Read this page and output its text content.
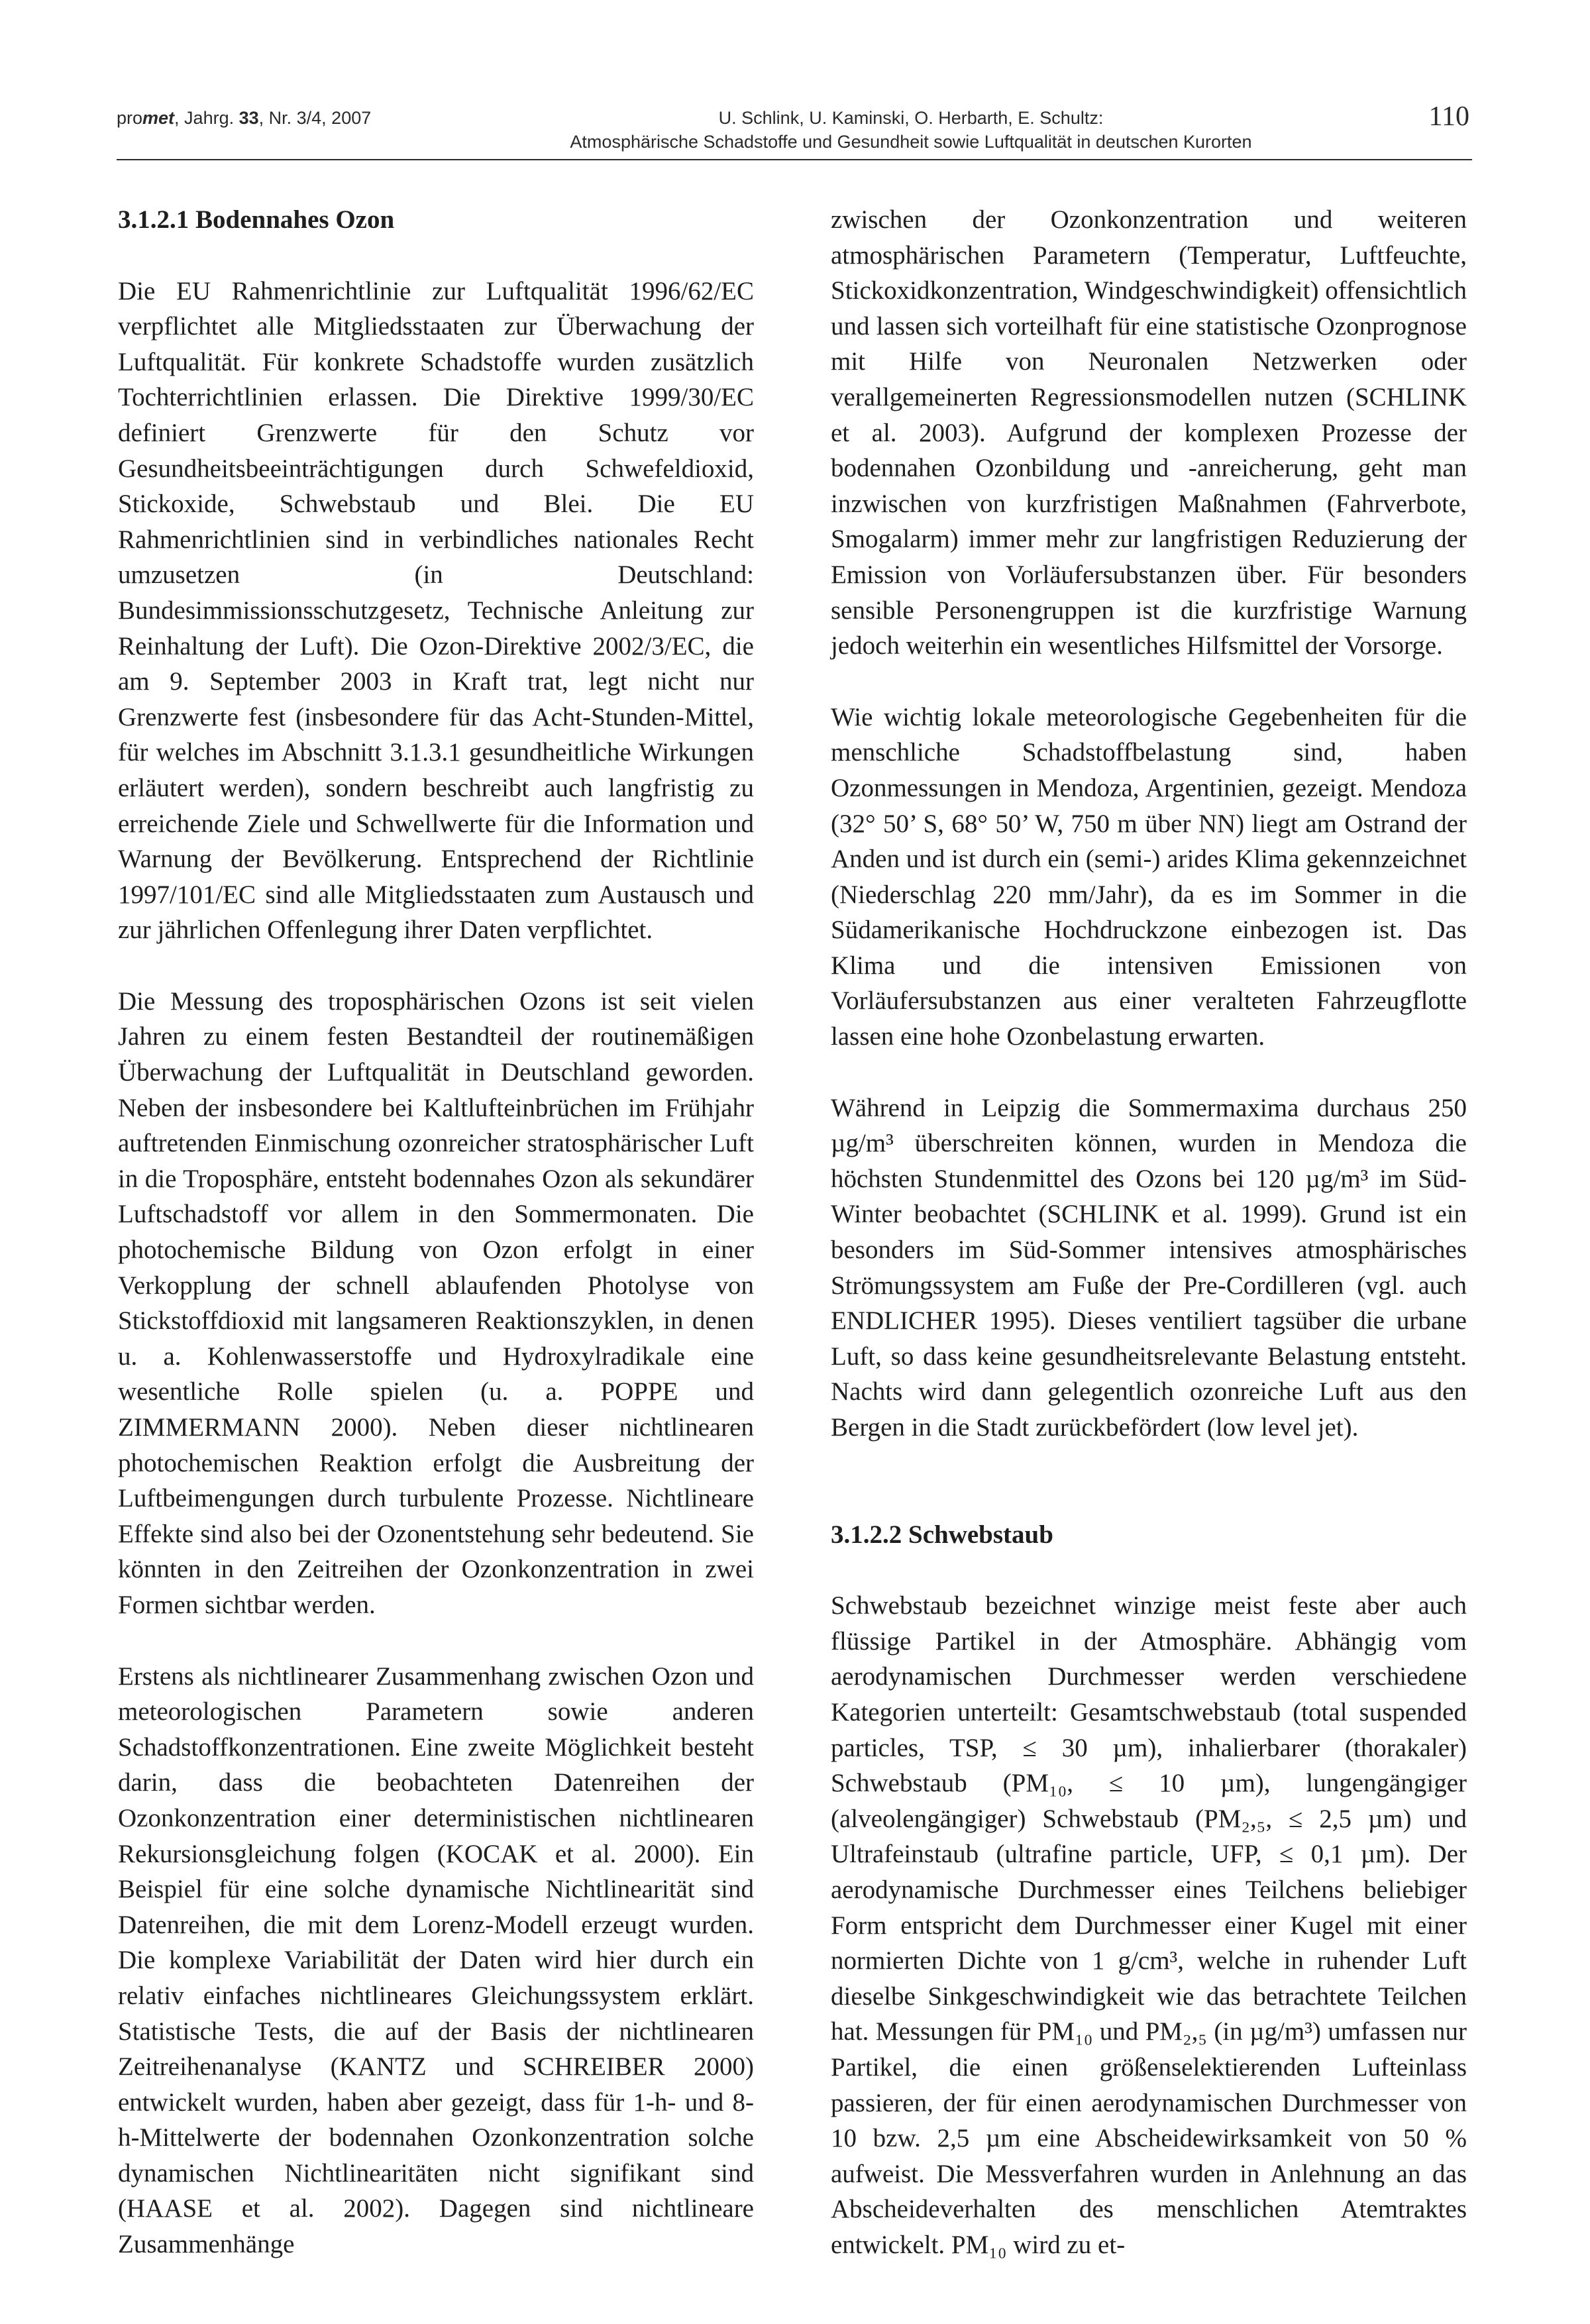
promet, Jahrg. 33, Nr. 3/4, 2007	U. Schlink, U. Kaminski, O. Herbarth, E. Schultz:
Atmosphärische Schadstoffe und Gesundheit sowie Luftqualität in deutschen Kurorten
110
3.1.2.1 Bodennahes Ozon

Die EU Rahmenrichtlinie zur Luftqualität 1996/62/EC verpflichtet alle Mitgliedsstaaten zur Überwachung der Luftqualität. Für konkrete Schadstoffe wurden zusätzlich Tochterrichtlinien erlassen. Die Direktive 1999/30/EC definiert Grenzwerte für den Schutz vor Gesundheitsbeeinträchtigungen durch Schwefeldioxid, Stickoxide, Schwebstaub und Blei. Die EU Rahmenrichtlinien sind in verbindliches nationales Recht umzusetzen (in Deutschland: Bundesimmissionsschutzgesetz, Technische Anleitung zur Reinhaltung der Luft). Die Ozon-Direktive 2002/3/EC, die am 9. September 2003 in Kraft trat, legt nicht nur Grenzwerte fest (insbesondere für das Acht-Stunden-Mittel, für welches im Abschnitt 3.1.3.1 gesundheitliche Wirkungen erläutert werden), sondern beschreibt auch langfristig zu erreichende Ziele und Schwellwerte für die Information und Warnung der Bevölkerung. Entsprechend der Richtlinie 1997/101/EC sind alle Mitgliedsstaaten zum Austausch und zur jährlichen Offenlegung ihrer Daten verpflichtet.

Die Messung des troposphärischen Ozons ist seit vielen Jahren zu einem festen Bestandteil der routinemäßigen Überwachung der Luftqualität in Deutschland geworden. Neben der insbesondere bei Kaltlufteinbrüchen im Frühjahr auftretenden Einmischung ozonreicher stratosphärischer Luft in die Troposphäre, entsteht bodennahes Ozon als sekundärer Luftschadstoff vor allem in den Sommermonaten. Die photochemische Bildung von Ozon erfolgt in einer Verkopplung der schnell ablaufenden Photolyse von Stickstoffdioxid mit langsameren Reaktionszyklen, in denen u. a. Kohlenwasserstoffe und Hydroxylradikale eine wesentliche Rolle spielen (u. a. POPPE und ZIMMERMANN 2000). Neben dieser nichtlinearen photochemischen Reaktion erfolgt die Ausbreitung der Luftbeimengungen durch turbulente Prozesse. Nichtlineare Effekte sind also bei der Ozonentstehung sehr bedeutend. Sie könnten in den Zeitreihen der Ozonkonzentration in zwei Formen sichtbar werden.

Erstens als nichtlinearer Zusammenhang zwischen Ozon und meteorologischen Parametern sowie anderen Schadstoffkonzentrationen. Eine zweite Möglichkeit besteht darin, dass die beobachteten Datenreihen der Ozonkonzentration einer deterministischen nichtlinearen Rekursionsgleichung folgen (KOCAK et al. 2000). Ein Beispiel für eine solche dynamische Nichtlinearität sind Datenreihen, die mit dem Lorenz-Modell erzeugt wurden. Die komplexe Variabilität der Daten wird hier durch ein relativ einfaches nichtlineares Gleichungssystem erklärt. Statistische Tests, die auf der Basis der nichtlinearen Zeitreihenanalyse (KANTZ und SCHREIBER 2000) entwickelt wurden, haben aber gezeigt, dass für 1-h- und 8-h-Mittelwerte der bodennahen Ozonkonzentration solche dynamischen Nichtlinearitäten nicht signifikant sind (HAASE et al. 2002). Dagegen sind nichtlineare Zusammenhänge

zwischen der Ozonkonzentration und weiteren atmosphärischen Parametern (Temperatur, Luftfeuchte, Stickoxidkonzentration, Windgeschwindigkeit) offensichtlich und lassen sich vorteilhaft für eine statistische Ozonprognose mit Hilfe von Neuronalen Netzwerken oder verallgemeinerten Regressionsmodellen nutzen (SCHLINK et al. 2003). Aufgrund der komplexen Prozesse der bodennahen Ozonbildung und -anreicherung, geht man inzwischen von kurzfristigen Maßnahmen (Fahrverbote, Smogalarm) immer mehr zur langfristigen Reduzierung der Emission von Vorläufersubstanzen über. Für besonders sensible Personengruppen ist die kurzfristige Warnung jedoch weiterhin ein wesentliches Hilfsmittel der Vorsorge.

Wie wichtig lokale meteorologische Gegebenheiten für die menschliche Schadstoffbelastung sind, haben Ozonmessungen in Mendoza, Argentinien, gezeigt. Mendoza (32° 50’ S, 68° 50’ W, 750 m über NN) liegt am Ostrand der Anden und ist durch ein (semi-) arides Klima gekennzeichnet (Niederschlag 220 mm/Jahr), da es im Sommer in die Südamerikanische Hochdruckzone einbezogen ist. Das Klima und die intensiven Emissionen von Vorläufersubstanzen aus einer veralteten Fahrzeugflotte lassen eine hohe Ozonbelastung erwarten.

Während in Leipzig die Sommermaxima durchaus 250 µg/m³ überschreiten können, wurden in Mendoza die höchsten Stundenmittel des Ozons bei 120 µg/m³ im Süd-Winter beobachtet (SCHLINK et al. 1999). Grund ist ein besonders im Süd-Sommer intensives atmosphärisches Strömungssystem am Fuße der Pre-Cordilleren (vgl. auch ENDLICHER 1995). Dieses ventiliert tagsüber die urbane Luft, so dass keine gesundheitsrelevante Belastung entsteht. Nachts wird dann gelegentlich ozonreiche Luft aus den Bergen in die Stadt zurückbefördert (low level jet).

3.1.2.2 Schwebstaub

Schwebstaub bezeichnet winzige meist feste aber auch flüssige Partikel in der Atmosphäre. Abhängig vom aerodynamischen Durchmesser werden verschiedene Kategorien unterteilt: Gesamtschwebstaub (total suspended particles, TSP, ≤ 30 µm), inhalierbarer (thorakaler) Schwebstaub (PM₁₀, ≤ 10 µm), lungengängiger (alveolengängiger) Schwebstaub (PM₂,₅, ≤ 2,5 µm) und Ultrafeinstaub (ultrafine particle, UFP, ≤ 0,1 µm). Der aerodynamische Durchmesser eines Teilchens beliebiger Form entspricht dem Durchmesser einer Kugel mit einer normierten Dichte von 1 g/cm³, welche in ruhender Luft dieselbe Sinkgeschwindigkeit wie das betrachtete Teilchen hat. Messungen für PM₁₀ und PM₂,₅ (in µg/m³) umfassen nur Partikel, die einen größenselektierenden Lufteinlass passieren, der für einen aerodynamischen Durchmesser von 10 bzw. 2,5 µm eine Abscheidewirksamkeit von 50 % aufweist. Die Messverfahren wurden in Anlehnung an das Abscheideverhalten des menschlichen Atemtraktes entwickelt. PM₁₀ wird zu et-
